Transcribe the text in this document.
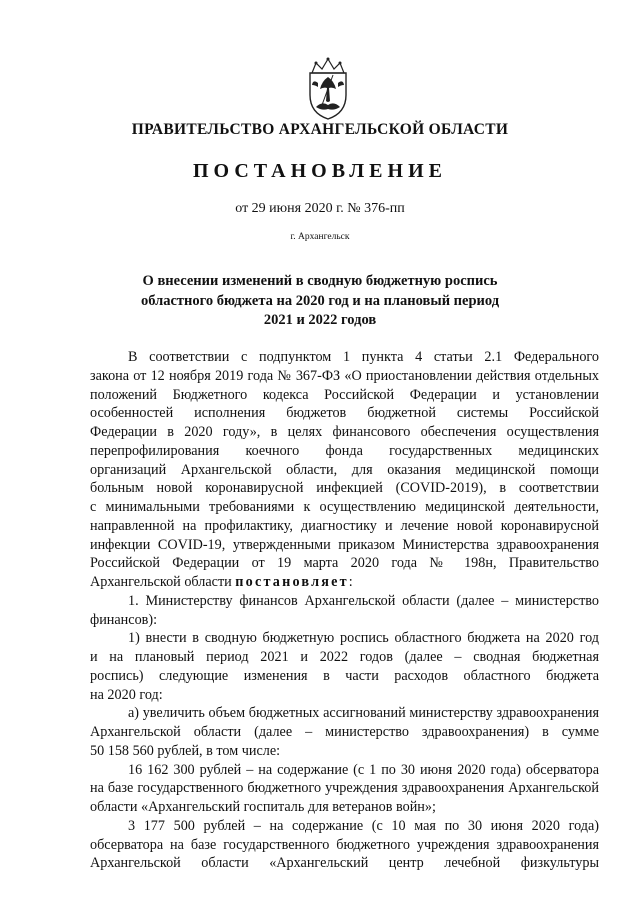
ПРАВИТЕЛЬСТВО АРХАНГЕЛЬСКОЙ ОБЛАСТИ
ПОСТАНОВЛЕНИЕ
от 29 июня 2020 г. № 376-пп
г. Архангельск
О внесении изменений в сводную бюджетную роспись
областного бюджета на 2020 год и на плановый период
2021 и 2022 годов
В соответствии с подпунктом 1 пункта 4 статьи 2.1 Федерального
закона от 12 ноября 2019 года № 367-ФЗ «О приостановлении действия отдельных
положений Бюджетного кодекса Российской Федерации и установлении
особенностей исполнения бюджетов бюджетной системы Российской
Федерации в 2020 году», в целях финансового обеспечения осуществления
перепрофилирования коечного фонда государственных медицинских
организаций Архангельской области, для оказания медицинской помощи
больным новой коронавирусной инфекцией (COVID-2019), в соответствии
с минимальными требованиями к осуществлению медицинской деятельности,
направленной на профилактику, диагностику и лечение новой коронавирусной
инфекции COVID-19, утвержденными приказом Министерства здравоохранения
Российской Федерации от 19 марта 2020 года № 198н, Правительство
Архангельской области постановляет:
1. Министерству финансов Архангельской области (далее – министерство
финансов):
1) внести в сводную бюджетную роспись областного бюджета на 2020 год
и на плановый период 2021 и 2022 годов (далее – сводная бюджетная
роспись) следующие изменения в части расходов областного бюджета
на 2020 год:
а) увеличить объем бюджетных ассигнований министерству здравоохранения
Архангельской области (далее – министерство здравоохранения) в сумме
50 158 560 рублей, в том числе:
16 162 300 рублей – на содержание (с 1 по 30 июня 2020 года) обсерватора
на базе государственного бюджетного учреждения здравоохранения Архангельской
области «Архангельский госпиталь для ветеранов войн»;
3 177 500 рублей – на содержание (с 10 мая по 30 июня 2020 года)
обсерватора на базе государственного бюджетного учреждения здравоохранения
Архангельской области «Архангельский центр лечебной физкультуры
